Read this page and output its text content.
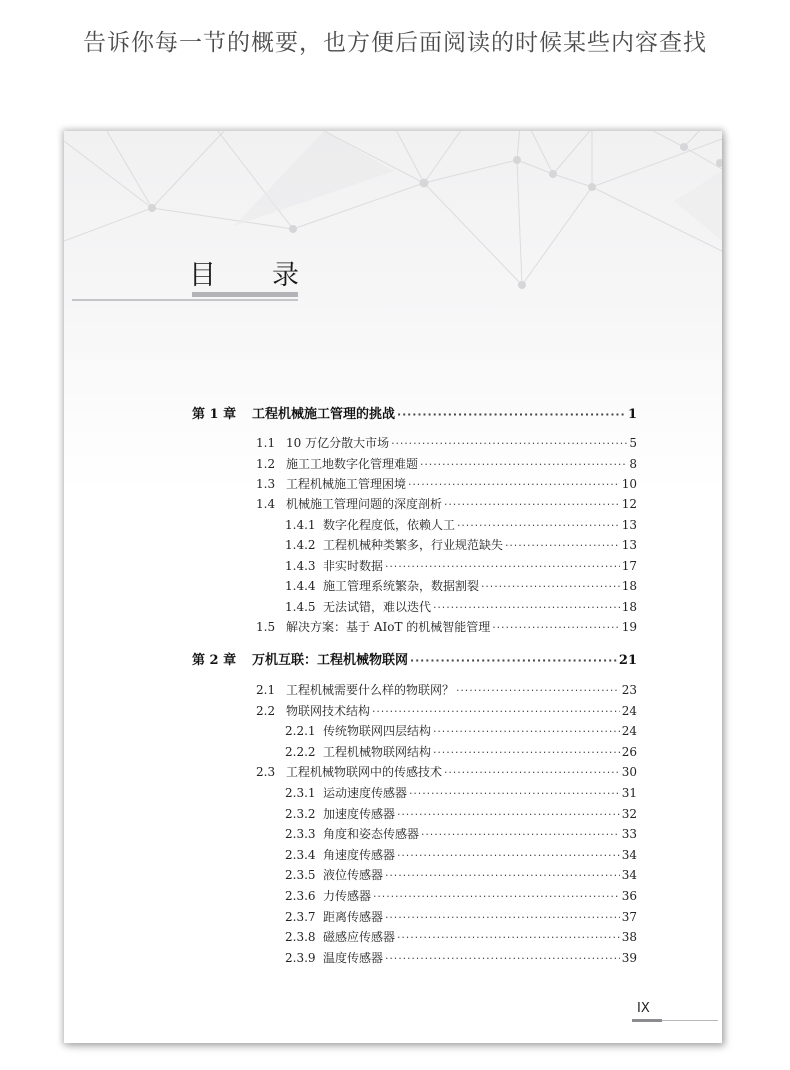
告诉你每一节的概要，也方便后面阅读的时候某些内容查找
目 录
第 1 章	工程机械施工管理的挑战 ·····	1
1.1 10 万亿分散大市场 ·····	5
1.2 施工工地数字化管理难题 ·····	8
1.3 工程机械施工管理困境 ·····	10
1.4 机械施工管理问题的深度剖析 ·····	12
1.4.1 数字化程度低，依赖人工 ·····	13
1.4.2 工程机械种类繁多，行业规范缺失 ·····	13
1.4.3 非实时数据 ·····	17
1.4.4 施工管理系统繁杂，数据割裂 ·····	18
1.4.5 无法试错，难以迭代 ·····	18
1.5 解决方案：基于 AIoT 的机械智能管理 ·····	19
第 2 章	万机互联：工程机械物联网 ·····	21
2.1 工程机械需要什么样的物联网？ ·····	23
2.2 物联网技术结构 ·····	24
2.2.1 传统物联网四层结构 ·····	24
2.2.2 工程机械物联网结构 ·····	26
2.3 工程机械物联网中的传感技术 ·····	30
2.3.1 运动速度传感器 ·····	31
2.3.2 加速度传感器 ·····	32
2.3.3 角度和姿态传感器 ·····	33
2.3.4 角速度传感器 ·····	34
2.3.5 液位传感器 ·····	34
2.3.6 力传感器 ·····	36
2.3.7 距离传感器 ·····	37
2.3.8 磁感应传感器 ·····	38
2.3.9 温度传感器 ·····	39
IX
